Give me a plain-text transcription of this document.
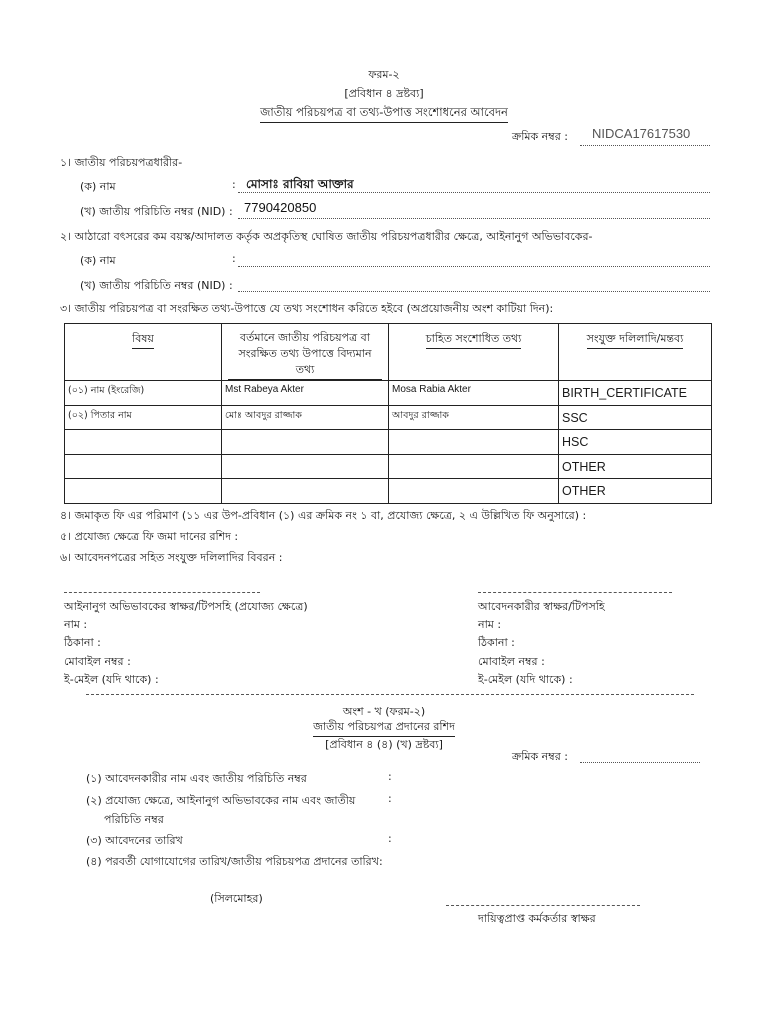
ফরম-২
[প্রবিধান ৪ দ্রষ্টব্য]
জাতীয় পরিচয়পত্র বা তথ্য-উপাত্ত সংশোধনের আবেদন
ক্রমিক নম্বর : NIDCA17617530
১। জাতীয় পরিচয়পত্রধারীর-
(ক) নাম	: মোসাঃ রাবিয়া আক্তার
(খ) জাতীয় পরিচিতি নম্বর (NID) : 7790420850
২। আঠারো বৎসরের কম বয়স্ক/আদালত কর্তৃক অপ্রকৃতিস্থ ঘোষিত জাতীয় পরিচয়পত্রধারীর ক্ষেত্রে, আইনানুগ অভিভাবকের-
(ক) নাম	:
(খ) জাতীয় পরিচিতি নম্বর (NID) :
৩। জাতীয় পরিচয়পত্র বা সংরক্ষিত তথ্য-উপাত্তে যে তথ্য সংশোধন করিতে হইবে (অপ্রয়োজনীয় অংশ কাটিয়া দিন):
বিষয়	বর্তমানে জাতীয় পরিচয়পত্র বা সংরক্ষিত তথ্য উপাত্তে বিদ্যমান তথ্য	চাহিত সংশোধিত তথ্য	সংযুক্ত দলিলাদি/মন্তব্য
(০১) নাম (ইংরেজি)	Mst Rabeya Akter	Mosa Rabia Akter	BIRTH_CERTIFICATE
(০২) পিতার নাম	মোঃ আবদুর রাজ্জাক	আবদুর রাজ্জাক	SSC
			HSC
			OTHER
			OTHER
৪। জমাকৃত ফি এর পরিমাণ (১১ এর উপ-প্রবিধান (১) এর ক্রমিক নং ১ বা, প্রযোজ্য ক্ষেত্রে, ২ এ উল্লিখিত ফি অনুসারে) :
৫। প্রযোজ্য ক্ষেত্রে ফি জমা দানের রশিদ :
৬। আবেদনপত্রের সহিত সংযুক্ত দলিলাদির বিবরন :
আইনানুগ অভিভাবকের স্বাক্ষর/টিপসহি (প্রযোজ্য ক্ষেত্রে)
নাম :
ঠিকানা :
মোবাইল নম্বর :
ই-মেইল (যদি থাকে) :
আবেদনকারীর স্বাক্ষর/টিপসহি
নাম :
ঠিকানা :
মোবাইল নম্বর :
ই-মেইল (যদি থাকে) :
অংশ - খ (ফরম-২)
জাতীয় পরিচয়পত্র প্রদানের রশিদ
[প্রবিধান ৪ (৪) (খ) দ্রষ্টব্য]
ক্রমিক নম্বর :
(১) আবেদনকারীর নাম এবং জাতীয় পরিচিতি নম্বর	:
(২) প্রযোজ্য ক্ষেত্রে, আইনানুগ অভিভাবকের নাম এবং জাতীয়	:
পরিচিতি নম্বর
(৩) আবেদনের তারিখ	:
(৪) পরবর্তী যোগাযোগের তারিখ/জাতীয় পরিচয়পত্র প্রদানের তারিখ:
(সিলমোহর)
দায়িত্বপ্রাপ্ত কর্মকর্তার স্বাক্ষর
